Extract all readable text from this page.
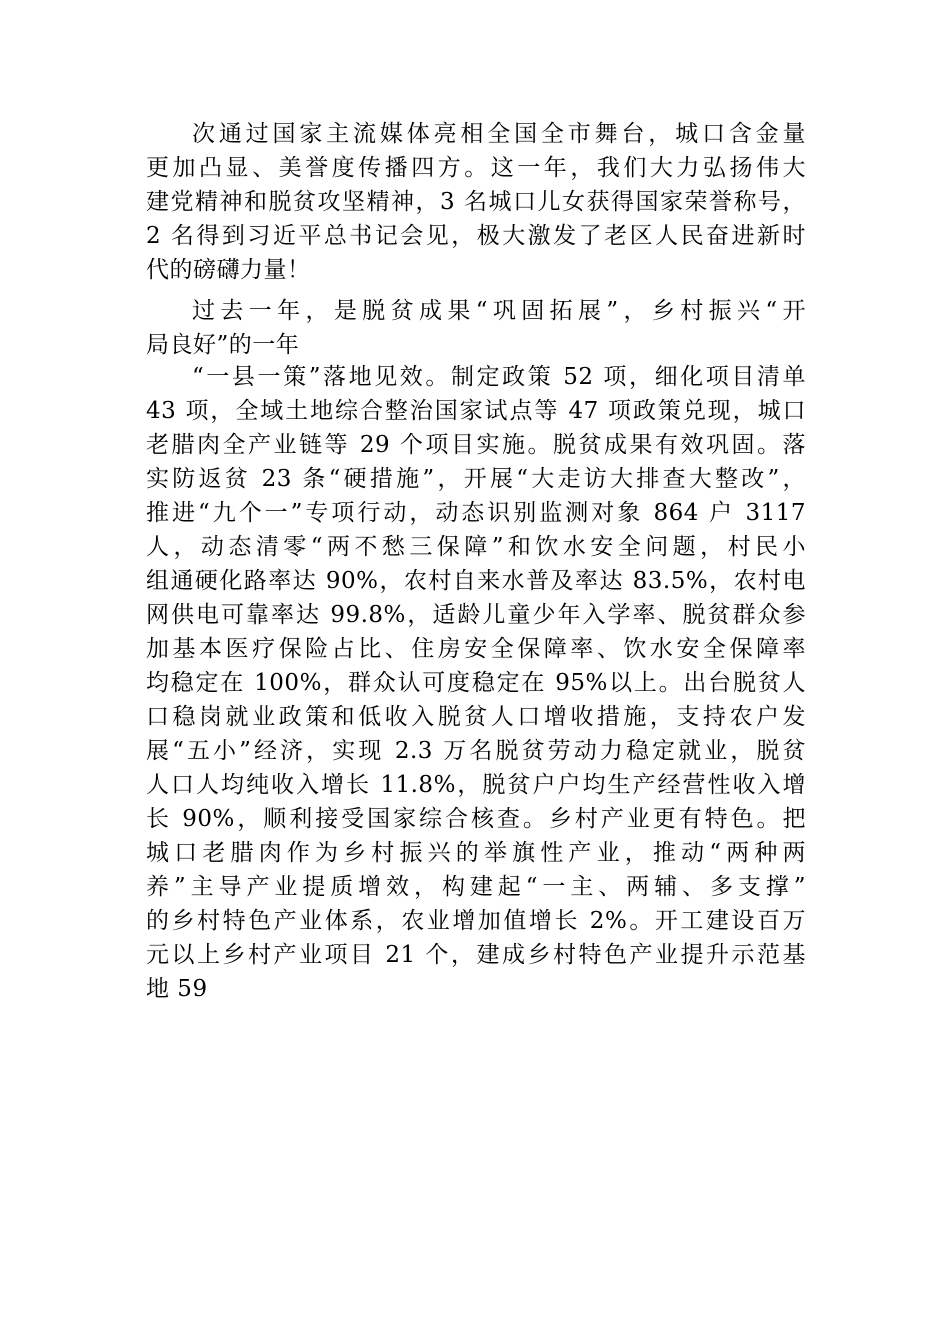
次通过国家主流媒体亮相全国全市舞台，城口含金量
更加凸显、美誉度传播四方。这一年，我们大力弘扬伟大
建党精神和脱贫攻坚精神，3 名城口儿女获得国家荣誉称号，
2 名得到习近平总书记会见，极大激发了老区人民奋进新时
代的磅礴力量！
过去一年，是脱贫成果“巩固拓展”，乡村振兴“开
局良好”的一年
“一县一策”落地见效。制定政策 52 项，细化项目清单
43 项，全域土地综合整治国家试点等 47 项政策兑现，城口
老腊肉全产业链等 29 个项目实施。脱贫成果有效巩固。落
实防返贫 23 条“硬措施”，开展“大走访大排查大整改”，
推进“九个一”专项行动，动态识别监测对象 864 户 3117
人，动态清零“两不愁三保障”和饮水安全问题，村民小
组通硬化路率达 90%，农村自来水普及率达 83.5%，农村电
网供电可靠率达 99.8%，适龄儿童少年入学率、脱贫群众参
加基本医疗保险占比、住房安全保障率、饮水安全保障率
均稳定在 100%，群众认可度稳定在 95%以上。出台脱贫人
口稳岗就业政策和低收入脱贫人口增收措施，支持农户发
展“五小”经济，实现 2.3 万名脱贫劳动力稳定就业，脱贫
人口人均纯收入增长 11.8%，脱贫户户均生产经营性收入增
长 90%，顺利接受国家综合核查。乡村产业更有特色。把
城口老腊肉作为乡村振兴的举旗性产业，推动“两种两
养”主导产业提质增效，构建起“一主、两辅、多支撑”
的乡村特色产业体系，农业增加值增长 2%。开工建设百万
元以上乡村产业项目 21 个，建成乡村特色产业提升示范基
地 59
